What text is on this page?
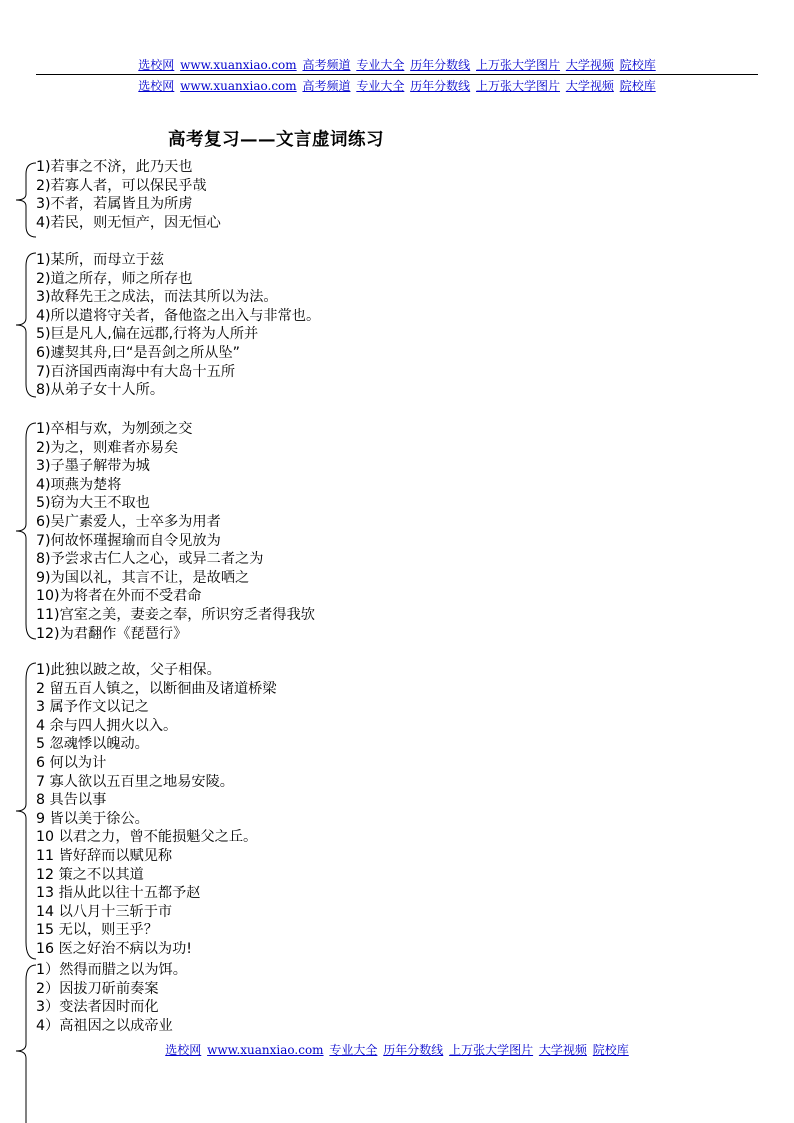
选校网 www.xuanxiao.com 高考频道 专业大全 历年分数线 上万张大学图片 大学视频 院校库
选校网 www.xuanxiao.com 高考频道 专业大全 历年分数线 上万张大学图片 大学视频 院校库
高考复习——文言虚词练习
1)若事之不济，此乃天也
2)若寡人者，可以保民乎哉
3)不者，若属皆且为所虏
4)若民，则无恒产，因无恒心
1)某所，而母立于兹
2)道之所存，师之所存也
3)故释先王之成法，而法其所以为法。
4)所以遣将守关者，备他盗之出入与非常也。
5)巨是凡人,偏在远郡,行将为人所并
6)遽契其舟,曰“是吾剑之所从坠”
7)百济国西南海中有大岛十五所
8)从弟子女十人所。
1)卒相与欢，为刎颈之交
2)为之，则难者亦易矣
3)子墨子解带为城
4)项燕为楚将
5)窃为大王不取也
6)吴广素爱人，士卒多为用者
7)何故怀瑾握瑜而自令见放为
8)予尝求古仁人之心，或异二者之为
9)为国以礼，其言不让，是故哂之
10)为将者在外而不受君命
11)宫室之美，妻妾之奉，所识穷乏者得我欤
12)为君翻作《琵琶行》
1)此独以跛之故，父子相保。
2 留五百人镇之，以断徊曲及诸道桥梁
3 属予作文以记之
4 余与四人拥火以入。
5 忽魂悸以魄动。
6 何以为计
7 寡人欲以五百里之地易安陵。
8 具告以事
9 皆以美于徐公。
10 以君之力，曾不能损魁父之丘。
11 皆好辞而以赋见称
12 策之不以其道
13 指从此以往十五都予赵
14 以八月十三斩于市
15 无以，则王乎？
16 医之好治不病以为功!
1）然得而腊之以为饵。
2）因拔刀斫前奏案
3）变法者因时而化
4）高祖因之以成帝业
选校网 www.xuanxiao.com 专业大全 历年分数线 上万张大学图片 大学视频 院校库
